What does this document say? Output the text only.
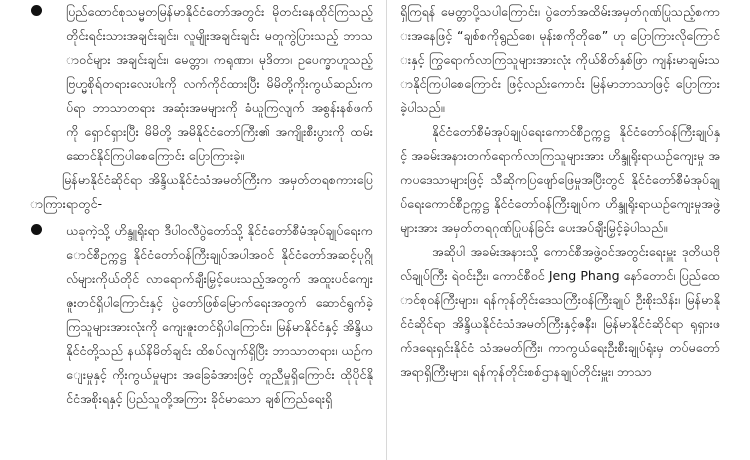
ပြည်ထောင်စုသမ္မတမြန်မာနိုင်ငံတော်အတွင်း မိုတင်းနေထိုင်ကြသည့် တိုင်းရင်းသားအချင်းချင်း၊ လူမျိုးအချင်းချင်း မတူကွဲပြားသည့် ဘာသာဝင်များ အချင်းချင်း၊ မေတ္တာ၊ ကရုဏာ၊ မုဒိတာ၊ ဥပေက္ခာဟူသည့် ဗြဟ္မစိုရ်တရားလေးပါးကို လက်ကိုင်ထားပြီး မိမိတို့ကိုးကွယ်ဆည်းကပ်ရာ ဘာသာတရား အဆုံးအမများကို ခံယူကြလျက် အစွန်းနစ်ဖက်ကို ရှောင်ရှားပြီး မိမိတို့ အမိနိုင်ငံတော်ကြီး၏ အကျိုးစီးပွားကို ထမ်းဆောင်နိုင်ကြပါစေကြောင်း ပြောကြားခဲ့။

မြန်မာနိုင်ငံဆိုင်ရာ အိန္ဒိယနိုင်ငံသံအမတ်ကြီးက အမှတ်တရစကားပြောကြားရာတွင်-

ယခုကဲ့သို့ ဟိန္ဒူရိုးရာ ဒီပါဝလီပွဲတော်သို့ နိုင်ငံတော်စီမံအုပ်ချုပ်ရေးကောင်စီဥက္ကဋ္ဌ နိုင်ငံတော်ဝန်ကြီးချုပ်အပါအဝင် နိုင်ငံတော်အဆင့်ပုဂ္ဂိုလ်များကိုယ်တိုင် လာရောက်ချီးမြှင့်ပေးသည့်အတွက် အထူးပင်ကျေးဇူးတင်ရှိပါကြောင်းနှင့် ပွဲတော်ဖြစ်မြောက်ရေးအတွက် ဆောင်ရွက်ခဲ့ကြသူများအားလုံးကို ကျေးဇူးတင်ရှိပါကြောင်း၊ မြန်မာနိုင်ငံနှင့် အိန္ဒိယနိုင်ငံတို့သည် နယ်နိမိတ်ချင်း ထိစပ်လျက်ရှိပြီး ဘာသာတရား၊ ယဉ်ကျေးမှုနှင့် ကိုးကွယ်မှုများ အခြေခံအားဖြင့် တူညီမှုရှိကြောင်း ထိုပိုင်နိုင်ငံအစိုးရနှင့် ပြည်သူတို့အကြား ခိုင်မာသော ချစ်ကြည်ရေးရှိ

ရှိကြရန် မေတ္တာပို့သပါကြောင်း၊ ပွဲတော်အထိမ်းအမှတ်ဂုဏ်ပြုသည့်စကားအနေဖြင့် “ချစ်စကိုရွည်စေ၊ မုန်းစကိုတိုစေ” ဟု ပြောကြားလိုကြောင်းနှင့် ကြွရောက်လာကြသူများအားလုံး ကိုယ်စိတ်နှစ်ဖြာ ကျန်းမာချမ်းသာနိုင်ကြပါစေကြောင်း ဖြင့်လည်းကောင်း မြန်မာဘာသာဖြင့် ပြောကြားခဲ့ပါသည်။

နိုင်ငံတော်စီမံအုပ်ချုပ်ရေးကောင်စီဥက္ကဋ္ဌ နိုင်ငံတော်ဝန်ကြီးချုပ်နှင့် အခမ်းအနားတက်ရောက်လာကြသူများအား ဟိန္ဒူရိုးရာယဉ်ကျေးမှု အကပဒေသာများဖြင့် သီဆိုကပြဖျော်ဖြေမှုအပြီးတွင် နိုင်ငံတော်စီမံအုပ်ချုပ်ရေးကောင်စီဥက္ကဋ္ဌ နိုင်ငံတော်ဝန်ကြီးချုပ်က ဟိန္ဒူရိုးရာယဉ်ကျေးမှုအဖွဲ့များအား အမှတ်တရဂုဏ်ပြုပန်ခြင်း ပေးအပ်ချီးမြှင့်ခဲ့ပါသည်။

အဆိုပါ အခမ်းအနားသို့ ကောင်စီအဖွဲ့ဝင်အတွင်းရေးမှူး ဒုတိယဗိုလ်ချုပ်ကြီး ရဲဝင်းဦး၊ ကောင်စီဝင် Jeng Phang နော်တောင်၊ ပြည်ထောင်စုဝန်ကြီးများ၊ ရန်ကုန်တိုင်းဒေသကြီးဝန်ကြီးချုပ် ဦးစိုးသိန်း၊ မြန်မာနိုင်ငံဆိုင်ရာ အိန္ဒိယနိုင်ငံသံအမတ်ကြီးနှင့်ဇနီး၊ မြန်မာနိုင်ငံဆိုင်ရာ ရုရှားဖက်ဒရေးရှင်းနိုင်ငံ သံအမတ်ကြီး၊ ကာကွယ်ရေးဦးစီးချုပ်ရုံးမှ တပ်မတော်အရာရှိကြီးများ၊ ရန်ကုန်တိုင်းစစ်ဌာနချုပ်တိုင်းမှူး၊ ဘာသာ
